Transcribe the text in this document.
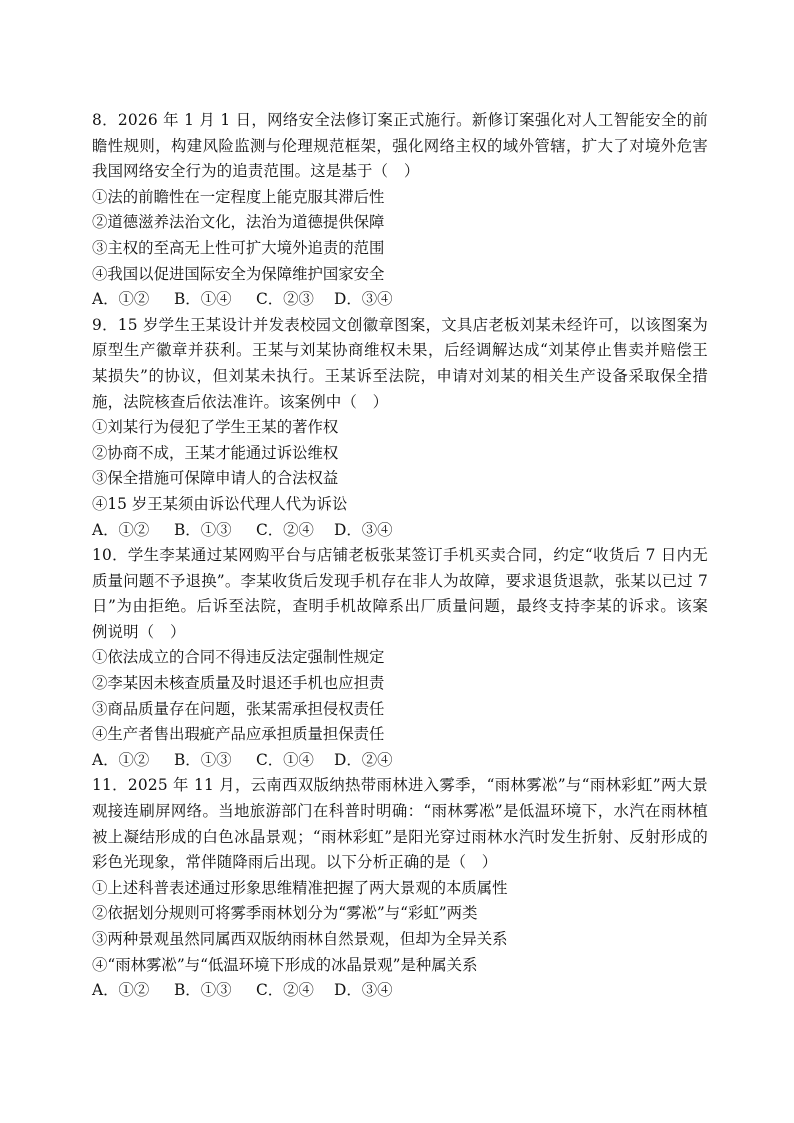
8．2026 年 1 月 1 日，网络安全法修订案正式施行。新修订案强化对人工智能安全的前瞻性规则，构建风险监测与伦理规范框架，强化网络主权的域外管辖，扩大了对境外危害我国网络安全行为的追责范围。这是基于（　）

①法的前瞻性在一定程度上能克服其滞后性

②道德滋养法治文化，法治为道德提供保障

③主权的至高无上性可扩大境外追责的范围

④我国以促进国际安全为保障维护国家安全

A．①② B．①④ C．②③ D．③④

9．15 岁学生王某设计并发表校园文创徽章图案，文具店老板刘某未经许可，以该图案为原型生产徽章并获利。王某与刘某协商维权未果，后经调解达成“刘某停止售卖并赔偿王某损失”的协议，但刘某未执行。王某诉至法院，申请对刘某的相关生产设备采取保全措施，法院核查后依法准许。该案例中（　）

①刘某行为侵犯了学生王某的著作权

②协商不成，王某才能通过诉讼维权

③保全措施可保障申请人的合法权益

④15 岁王某须由诉讼代理人代为诉讼

A．①② B．①③ C．②④ D．③④

10．学生李某通过某网购平台与店铺老板张某签订手机买卖合同，约定“收货后 7 日内无质量问题不予退换”。李某收货后发现手机存在非人为故障，要求退货退款，张某以已过 7 日”为由拒绝。后诉至法院，查明手机故障系出厂质量问题，最终支持李某的诉求。该案例说明（　）

①依法成立的合同不得违反法定强制性规定

②李某因未核查质量及时退还手机也应担责

③商品质量存在问题，张某需承担侵权责任

④生产者售出瑕疵产品应承担质量担保责任

A．①② B．①③ C．①④ D．②④

11．2025 年 11 月，云南西双版纳热带雨林进入雾季，“雨林雾凇”与“雨林彩虹”两大景观接连刷屏网络。当地旅游部门在科普时明确：“雨林雾凇”是低温环境下，水汽在雨林植被上凝结形成的白色冰晶景观；“雨林彩虹”是阳光穿过雨林水汽时发生折射、反射形成的彩色光现象，常伴随降雨后出现。以下分析正确的是（　）

①上述科普表述通过形象思维精准把握了两大景观的本质属性

②依据划分规则可将雾季雨林划分为“雾凇”与“彩虹”两类

③两种景观虽然同属西双版纳雨林自然景观，但却为全异关系

④“雨林雾凇”与“低温环境下形成的冰晶景观”是种属关系

A．①② B．①③ C．②④ D．③④
